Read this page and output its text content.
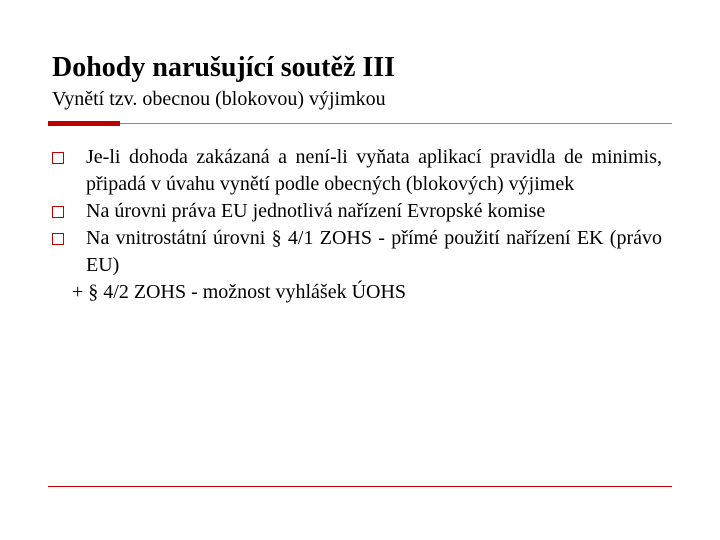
Dohody narušující soutěž III
Vynětí tzv. obecnou (blokovou) výjimkou
Je-li dohoda zakázaná a není-li vyňata aplikací pravidla de minimis, připadá v úvahu vynětí podle obecných (blokových) výjimek
Na úrovni práva EU jednotlivá nařízení Evropské komise
Na vnitrostátní úrovni § 4/1 ZOHS - přímé použití nařízení EK (právo EU)
+ § 4/2 ZOHS - možnost vyhlášek ÚOHS
